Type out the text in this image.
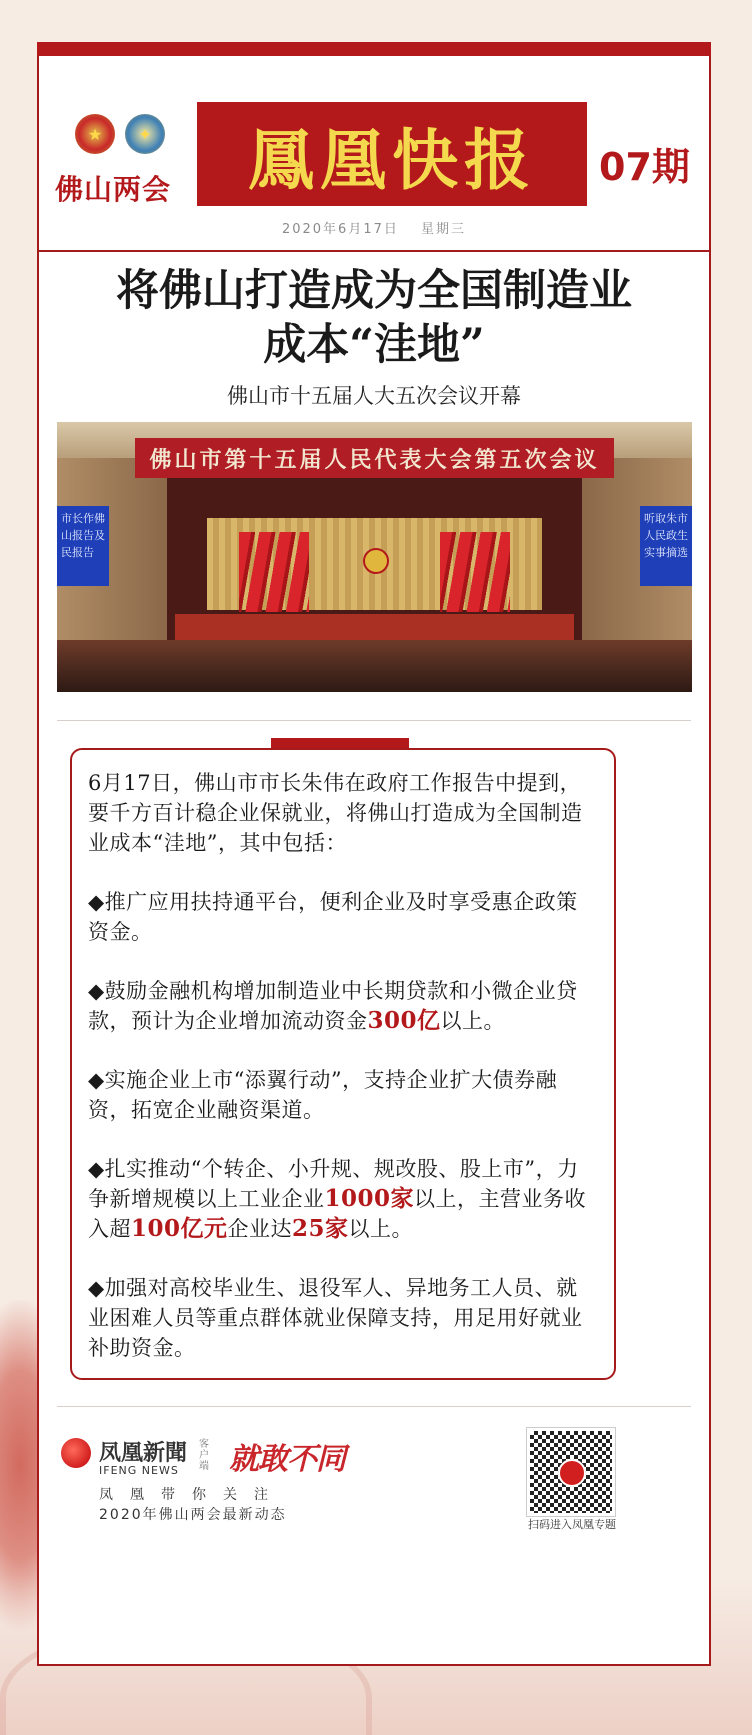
★ ✦
佛山两会	鳳凰快报	07期
2020年6月17日 星期三
将佛山打造成为全国制造业
成本“洼地”
佛山市十五届人大五次会议开幕
佛山市第十五届人民代表大会第五次会议
市长作佛山报告及民报告
听取朱市人民政生实事摘选

6月17日，佛山市市长朱伟在政府工作报告中提到，要千方百计稳企业保就业，将佛山打造成为全国制造业成本“洼地”，其中包括：

◆推广应用扶持通平台，便利企业及时享受惠企政策资金。

◆鼓励金融机构增加制造业中长期贷款和小微企业贷款，预计为企业增加流动资金300亿以上。

◆实施企业上市“添翼行动”，支持企业扩大债券融资，拓宽企业融资渠道。

◆扎实推动“个转企、小升规、规改股、股上市”，力争新增规模以上工业企业1000家以上，主营业务收入超100亿元企业达25家以上。

◆加强对高校毕业生、退役军人、异地务工人员、就业困难人员等重点群体就业保障支持，用足用好就业补助资金。

凤凰新聞
IFENG NEWS
客户端 就敢不同
凤凰带你关注
2020年佛山两会最新动态
扫码进入凤凰专题
